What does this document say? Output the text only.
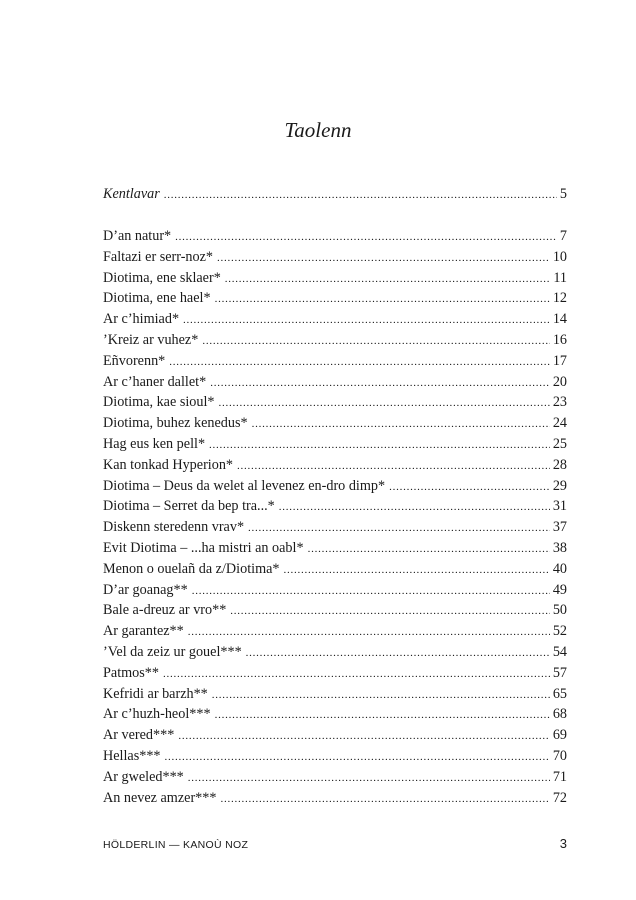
Taolenn
Kentlavar . . .	5
D’an natur* . . .	7
Faltazi er serr-noz* . . .	10
Diotima, ene sklaer* . . .	11
Diotima, ene hael* . . .	12
Ar c’himiad* . . .	14
’Kreiz ar vuhez* . . .	16
Eñvorenn* . . .	17
Ar c’haner dallet* . . .	20
Diotima, kae sioul* . . .	23
Diotima, buhez kenedus* . . .	24
Hag eus ken pell* . . .	25
Kan tonkad Hyperion* . . .	28
Diotima – Deus da welet al levenez en-dro dimp* . . .	29
Diotima – Serret da bep tra...* . . .	31
Diskenn steredenn vrav* . . .	37
Evit Diotima – ...ha mistri an oabl* . . .	38
Menon o ouelañ da z/Diotima* . . .	40
D’ar goanag** . . .	49
Bale a-dreuz ar vro** . . .	50
Ar garantez** . . .	52
’Vel da zeiz ur gouel*** . . .	54
Patmos** . . .	57
Kefridi ar barzh** . . .	65
Ar c’huzh-heol*** . . .	68
Ar vered*** . . .	69
Hellas*** . . .	70
Ar gweled*** . . .	71
An nevez amzer*** . . .	72
HÖLDERLIN — KANOÙ NOZ	3
